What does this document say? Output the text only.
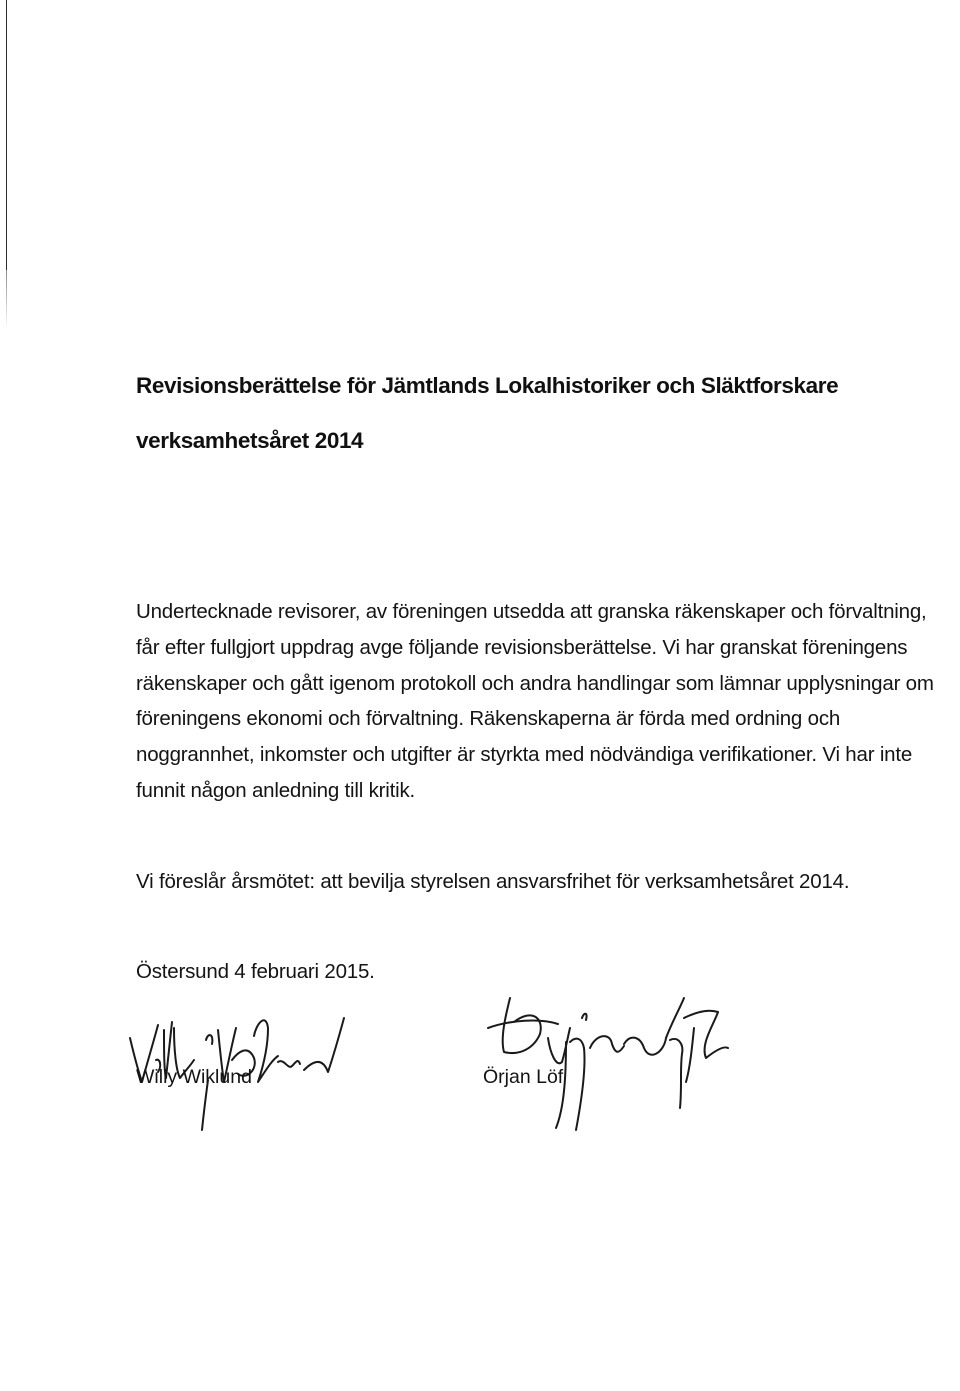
Revisionsberättelse för Jämtlands Lokalhistoriker och Släktforskare
verksamhetsåret 2014

Undertecknade revisorer, av föreningen utsedda att granska räkenskaper och förvaltning, får efter fullgjort uppdrag avge följande revisionsberättelse. Vi har granskat föreningens räkenskaper och gått igenom protokoll och andra handlingar som lämnar upplysningar om föreningens ekonomi och förvaltning. Räkenskaperna är förda med ordning och noggrannhet, inkomster och utgifter är styrkta med nödvändiga verifikationer. Vi har inte funnit någon anledning till kritik.

Vi föreslår årsmötet: att bevilja styrelsen ansvarsfrihet för verksamhetsåret 2014.

Östersund 4 februari 2015.
Willy Wiklund	Örjan Löf
